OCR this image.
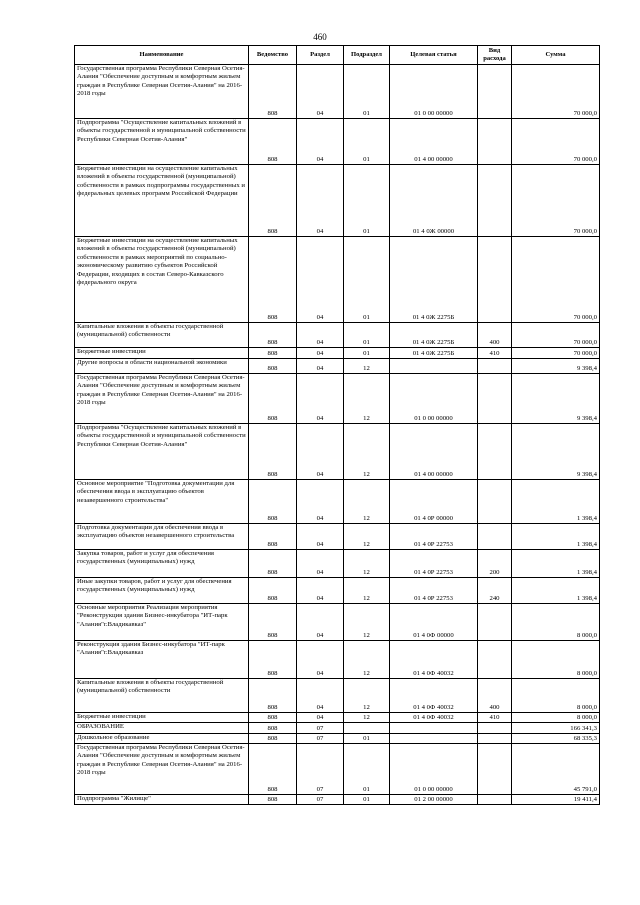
460
Наименование	Ведомство	Раздел	Подраздел	Целевая статья	Вид расхода	Сумма

Государственная программа Республики Северная Осетия-Алания "Обеспечение доступным и комфортным жильем граждан в Республике Северная Осетия-Алания" на 2016-2018 годы	808	04	01	01 0 00 00000		70 000,0

Подпрограмма "Осуществление капитальных вложений в объекты государственной и муниципальной собственности Республики Северная Осетия-Алания"	808	04	01	01 4 00 00000		70 000,0

Бюджетные инвестиции на осуществление капитальных вложений в объекты государственной (муниципальной) собственности в рамках подпрограммы государственных и федеральных целевых программ Российской Федерации	808	04	01	01 4 0Ж 00000		70 000,0

Бюджетные инвестиции на осуществление капитальных вложений в объекты государственной (муниципальной) собственности в рамках мероприятий по социально-экономическому развитию субъектов Российской Федерации, входящих в состав Северо-Кавказского федерального округа	808	04	01	01 4 0Ж 2275Б		70 000,0

Капитальные вложения в объекты государственной (муниципальной) собственности	808	04	01	01 4 0Ж 2275Б	400	70 000,0

Бюджетные инвестиции	808	04	01	01 4 0Ж 2275Б	410	70 000,0

Другие вопросы в области национальной экономики	808	04	12			9 398,4

Государственная программа Республики Северная Осетия-Алания "Обеспечение доступным и комфортным жильем граждан в Республике Северная Осетия-Алания" на 2016-2018 годы	808	04	12	01 0 00 00000		9 398,4

Подпрограмма "Осуществление капитальных вложений в объекты государственной и муниципальной собственности Республики Северная Осетия-Алания"	808	04	12	01 4 00 00000		9 398,4

Основное мероприятие "Подготовка документации для обеспечения ввода в эксплуатацию объектов незавершенного строительства"	808	04	12	01 4 0Р 00000		1 398,4

Подготовка документации для обеспечения ввода в эксплуатацию объектов незавершенного строительства	808	04	12	01 4 0Р 22753		1 398,4

Закупка товаров, работ и услуг для обеспечения государственных (муниципальных) нужд	808	04	12	01 4 0Р 22753	200	1 398,4

Иные закупки товаров, работ и услуг для обеспечения государственных (муниципальных) нужд	808	04	12	01 4 0Р 22753	240	1 398,4

Основные мероприятия Реализация мероприятия "Реконструкция здания Бизнес-инкубатора "ИТ-парк "Алания"г.Владикавказ"	808	04	12	01 4 0Ф 00000		8 000,0

Реконструкция здания Бизнес-инкубатора "ИТ-парк "Алания"г.Владикавказ	808	04	12	01 4 0Ф 40032		8 000,0

Капитальные вложения в объекты государственной (муниципальной) собственности	808	04	12	01 4 0Ф 40032	400	8 000,0

Бюджетные инвестиции	808	04	12	01 4 0Ф 40032	410	8 000,0

ОБРАЗОВАНИЕ	808	07				166 341,3

Дошкольное образование	808	07	01			68 335,3

Государственная программа Республики Северная Осетия-Алания "Обеспечение доступным и комфортным жильем граждан в Республике Северная Осетия-Алания" на 2016-2018 годы	808	07	01	01 0 00 00000		45 791,0

Подпрограмма "Жилище"	808	07	01	01 2 00 00000		19 411,4
